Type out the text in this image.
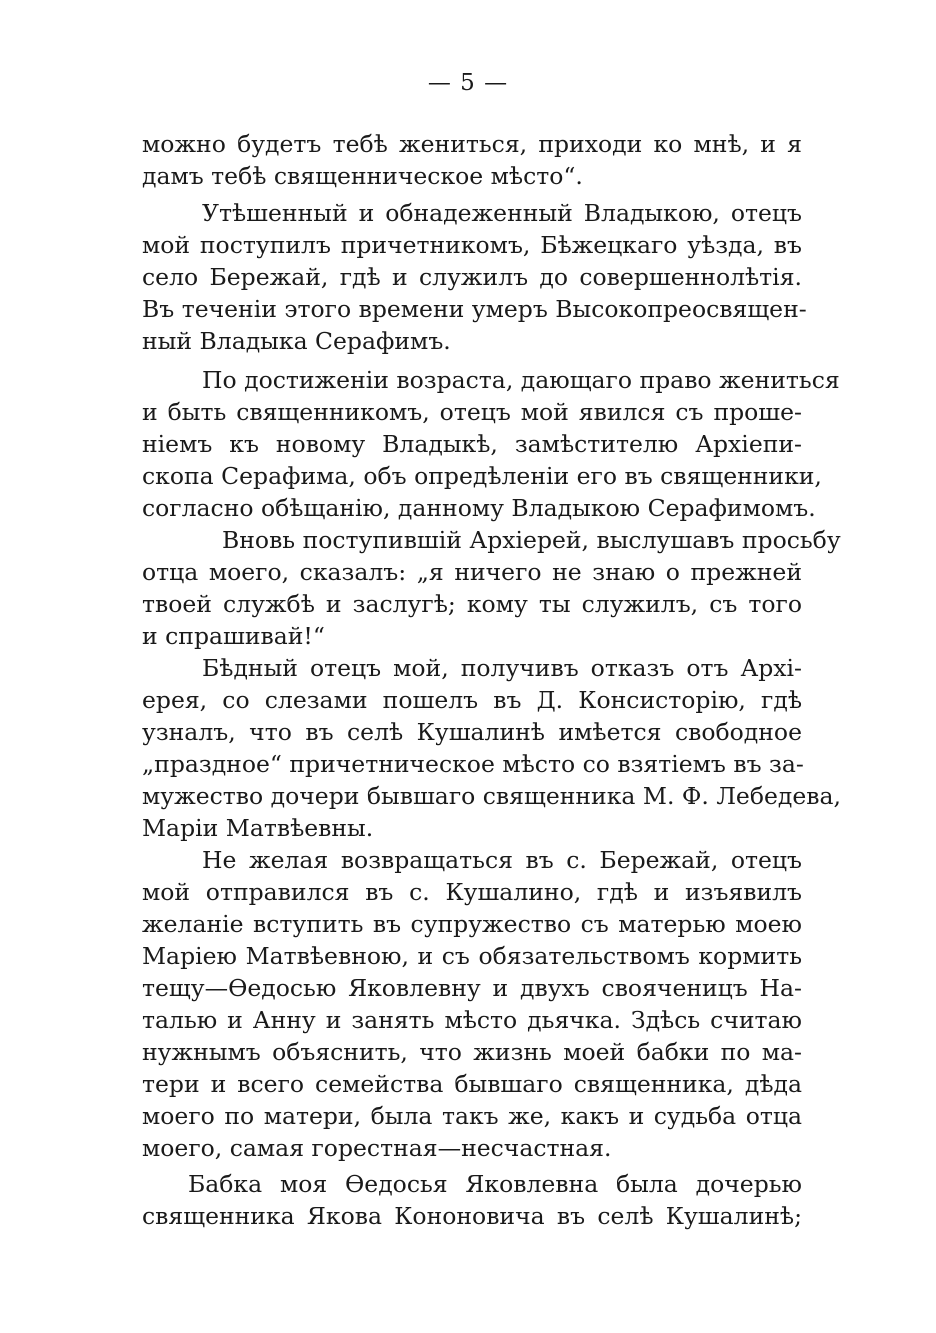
— 5 —
можно будетъ тебѣ жениться, приходи ко мнѣ, и я
дамъ тебѣ священническое мѣсто“.
Утѣшенный и обнадеженный Владыкою, отецъ
мой поступилъ причетникомъ, Бѣжецкаго уѣзда, въ
село Бережай, гдѣ и служилъ до совершеннолѣтія.
Въ теченіи этого времени умеръ Высокопреосвящен-
ный Владыка Серафимъ.
По достиженіи возраста, дающаго право жениться
и быть священникомъ, отецъ мой явился съ проше-
ніемъ къ новому Владыкѣ, замѣстителю Архіепи-
скопа Серафима, объ опредѣленіи его въ священники,
согласно обѣщанію, данному Владыкою Серафимомъ.
Вновь поступившій Архіерей, выслушавъ просьбу
отца моего, сказалъ: „я ничего не знаю о прежней
твоей службѣ и заслугѣ; кому ты служилъ, съ того
и спрашивай!“
Бѣдный отецъ мой, получивъ отказъ отъ Архі-
ерея, со слезами пошелъ въ Д. Консисторію, гдѣ
узналъ, что въ селѣ Кушалинѣ имѣется свободное
„праздное“ причетническое мѣсто со взятіемъ въ за-
мужество дочери бывшаго священника М. Ф. Лебедева,
Маріи Матвѣевны.
Не желая возвращаться въ с. Бережай, отецъ
мой отправился въ с. Кушалино, гдѣ и изъявилъ
желаніе вступить въ супружество съ матерью моею
Маріею Матвѣевною, и съ обязательствомъ кормить
тещу—Ѳедосью Яковлевну и двухъ свояченицъ На-
талью и Анну и занять мѣсто дьячка. Здѣсь считаю
нужнымъ объяснить, что жизнь моей бабки по ма-
тери и всего семейства бывшаго священника, дѣда
моего по матери, была такъ же, какъ и судьба отца
моего, самая горестная—несчастная.
Бабка моя Ѳедосья Яковлевна была дочерью
священника Якова Кононовича въ селѣ Кушалинѣ;
